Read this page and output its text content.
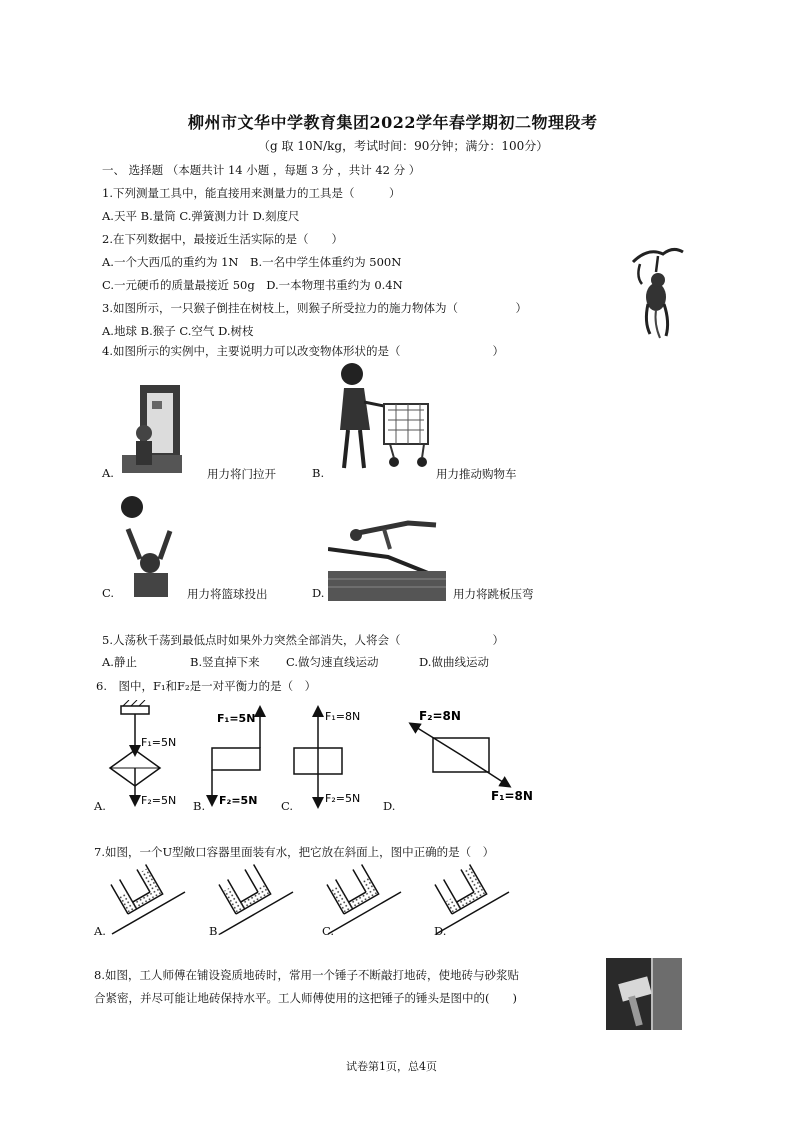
柳州市文华中学教育集团2022学年春学期初二物理段考
（g 取 10N/kg，考试时间：90分钟；满分：100分）
一、 选择题 （本题共计 14 小题 ，每题 3 分 ，共计 42 分 ）
1.下列测量工具中，能直接用来测量力的工具是（　　　）
A.天平 B.量筒 C.弹簧测力计 D.刻度尺
2.在下列数据中，最接近生活实际的是（　　）
A.一个大西瓜的重约为 1N　B.一名中学生体重约为 500N
C.一元硬币的质量最接近 50g　D.一本物理书重约为 0.4N
3.如图所示，一只猴子倒挂在树枝上，则猴子所受拉力的施力物体为（　　　　　）
A.地球 B.猴子 C.空气 D.树枝
4.如图所示的实例中，主要说明力可以改变物体形状的是（　　　　　　　　）
A.	用力将门拉开	B.	用力推动购物车
C.	用力将篮球投出	D.	用力将跳板压弯
5.人荡秋千荡到最低点时如果外力突然全部消失，人将会（　　　　　　　　）
A.静止	B.竖直掉下来 C.做匀速直线运动	D.做曲线运动
6.　图中，F₁和F₂是一对平衡力的是（　）
F₁=5N
F₂=5N
F₁=5N
F₂=5N
F₁=8N
F₂=5N
F₂=8N
F₁=8N
A.	B.	C.	D.
7.如图，一个U型敞口容器里面装有水，把它放在斜面上，图中正确的是（　）
A.	B.	C.	D.
8.如图，工人师傅在铺设瓷质地砖时，常用一个锤子不断敲打地砖，使地砖与砂浆贴
合紧密，并尽可能让地砖保持水平。工人师傅使用的这把锤子的锤头是图中的(　　)
试卷第1页，总4页
